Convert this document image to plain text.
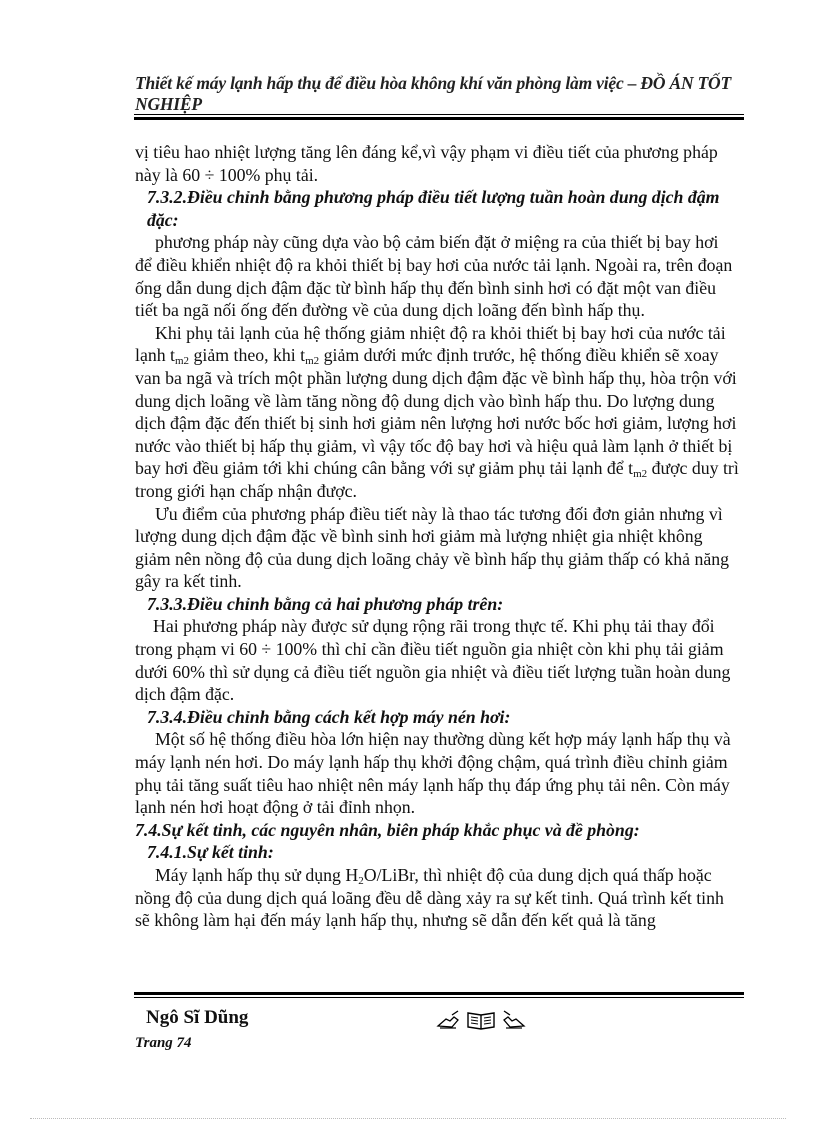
Thiết kế máy lạnh hấp thụ để điều hòa không khí văn phòng làm việc – ĐỒ ÁN TỐT NGHIỆP

vị tiêu hao nhiệt lượng tăng lên đáng kể,vì vậy phạm vi điều tiết của phương pháp này là 60 ÷ 100% phụ tải.

7.3.2.Điều chỉnh bằng phương pháp điều tiết lượng tuần hoàn dung dịch đậm đặc:

phương pháp này cũng dựa vào bộ cảm biến đặt ở miệng ra của thiết bị bay hơi để điều khiển nhiệt độ ra khỏi thiết bị bay hơi của nước tải lạnh. Ngoài ra, trên đoạn ống dẫn dung dịch đậm đặc từ bình hấp thụ đến bình sinh hơi có đặt một van điều tiết ba ngã nối ống đến đường về của dung dịch loãng đến bình hấp thụ.

Khi phụ tải lạnh của hệ thống giảm nhiệt độ ra khỏi thiết bị bay hơi của nước tải lạnh $t_{m2}$ giảm theo, khi $t_{m2}$ giảm dưới mức định trước, hệ thống điều khiển sẽ xoay van ba ngã và trích một phần lượng dung dịch đậm đặc về bình hấp thụ, hòa trộn với dung dịch loãng về làm tăng nồng độ dung dịch vào bình hấp thu. Do lượng dung dịch đậm đặc đến thiết bị sinh hơi giảm nên lượng hơi nước bốc hơi giảm, lượng hơi nước vào thiết bị hấp thụ giảm, vì vậy tốc độ bay hơi và hiệu quả làm lạnh ở thiết bị bay hơi đều giảm tới khi chúng cân bằng với sự giảm phụ tải lạnh để $t_{m2}$ được duy trì trong giới hạn chấp nhận được.

Ưu điểm của phương pháp điều tiết này là thao tác tương đối đơn giản nhưng vì lượng dung dịch đậm đặc về bình sinh hơi giảm mà lượng nhiệt gia nhiệt không giảm nên nồng độ của dung dịch loãng chảy về bình hấp thụ giảm thấp có khả năng gây ra kết tinh.

7.3.3.Điều chỉnh bằng cả hai phương pháp trên:

Hai phương pháp này được sử dụng rộng rãi trong thực tế. Khi phụ tải thay đổi trong phạm vi 60 ÷ 100% thì chỉ cần điều tiết nguồn gia nhiệt còn khi phụ tải giảm dưới 60% thì sử dụng cả điều tiết nguồn gia nhiệt và điều tiết lượng tuần hoàn dung dịch đậm đặc.

7.3.4.Điều chỉnh bằng cách kết hợp máy nén hơi:

Một số hệ thống điều hòa lớn hiện nay thường dùng kết hợp máy lạnh hấp thụ và máy lạnh nén hơi. Do máy lạnh hấp thụ khởi động chậm, quá trình điều chỉnh giảm phụ tải tăng suất tiêu hao nhiệt nên máy lạnh hấp thụ đáp ứng phụ tải nên. Còn máy lạnh nén hơi hoạt động ở tải đỉnh nhọn.

7.4.Sự kết tinh, các nguyên nhân, biên pháp khắc phục và đề phòng:

7.4.1.Sự kết tinh:

Máy lạnh hấp thụ sử dụng $H_2O$/LiBr, thì nhiệt độ của dung dịch quá thấp hoặc nồng độ của dung dịch quá loãng đều dễ dàng xảy ra sự kết tinh. Quá trình kết tinh sẽ không làm hại đến máy lạnh hấp thụ, nhưng sẽ dẫn đến kết quả là tăng

Ngô Sĩ Dũng
Trang 74
